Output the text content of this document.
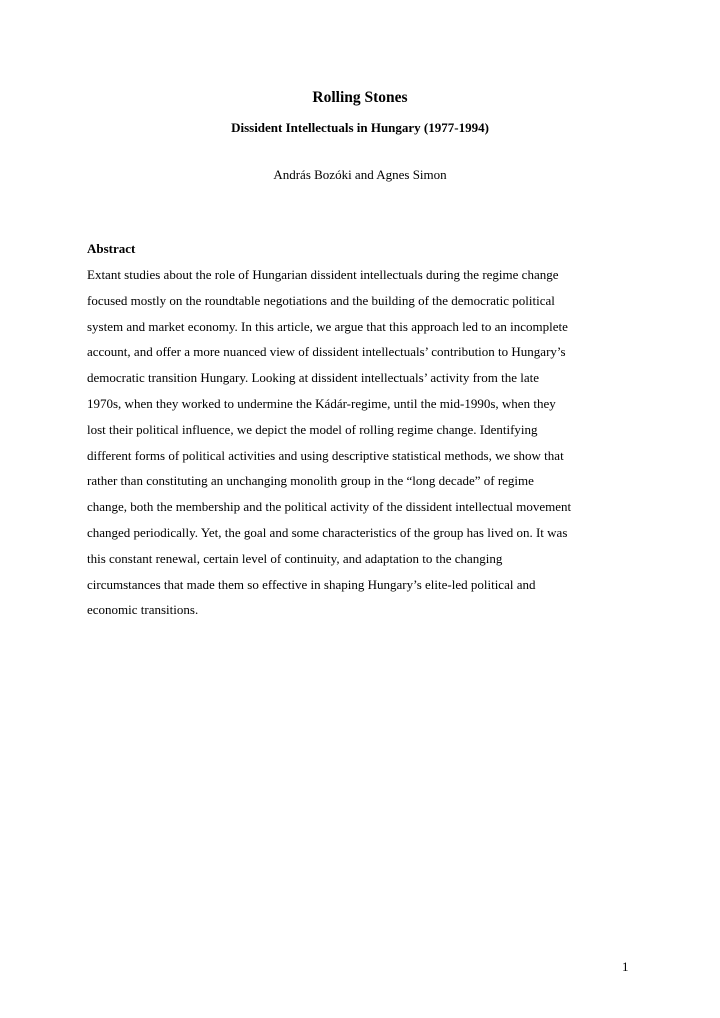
Rolling Stones
Dissident Intellectuals in Hungary (1977-1994)
András Bozóki and Agnes Simon
Abstract
Extant studies about the role of Hungarian dissident intellectuals during the regime change
focused mostly on the roundtable negotiations and the building of the democratic political
system and market economy. In this article, we argue that this approach led to an incomplete
account, and offer a more nuanced view of dissident intellectuals’ contribution to Hungary’s
democratic transition Hungary. Looking at dissident intellectuals’ activity from the late
1970s, when they worked to undermine the Kádár-regime, until the mid-1990s, when they
lost their political influence, we depict the model of rolling regime change. Identifying
different forms of political activities and using descriptive statistical methods, we show that
rather than constituting an unchanging monolith group in the “long decade” of regime
change, both the membership and the political activity of the dissident intellectual movement
changed periodically. Yet, the goal and some characteristics of the group has lived on. It was
this constant renewal, certain level of continuity, and adaptation to the changing
circumstances that made them so effective in shaping Hungary’s elite-led political and
economic transitions.
1
